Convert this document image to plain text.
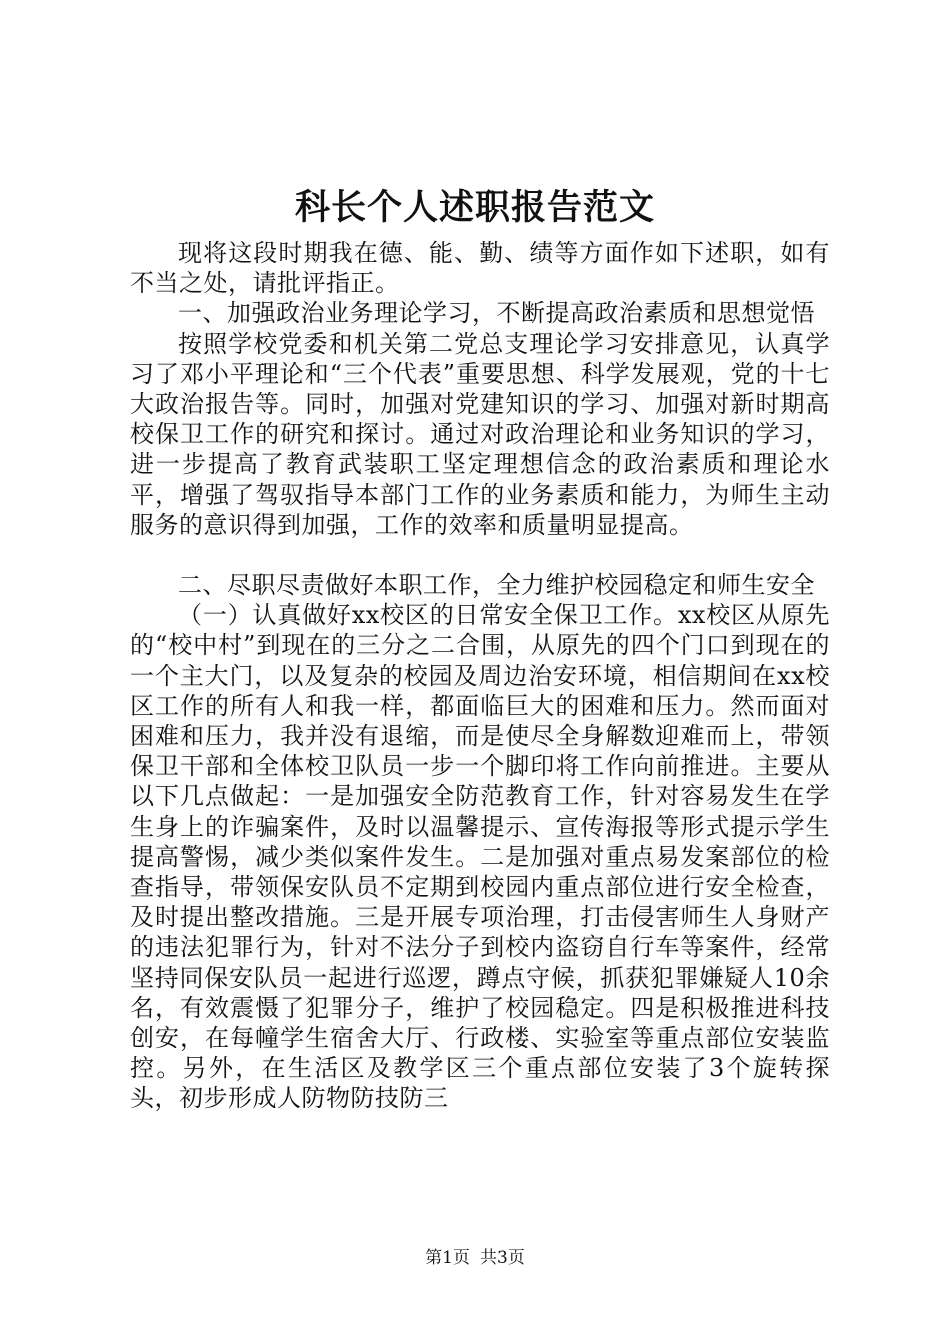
科长个人述职报告范文

现将这段时期我在德、能、勤、绩等方面作如下述职，如有不当之处，请批评指正。

一、加强政治业务理论学习，不断提高政治素质和思想觉悟

按照学校党委和机关第二党总支理论学习安排意见，认真学习了邓小平理论和“三个代表”重要思想、科学发展观，党的十七大政治报告等。同时，加强对党建知识的学习、加强对新时期高校保卫工作的研究和探讨。通过对政治理论和业务知识的学习，进一步提高了教育武装职工坚定理想信念的政治素质和理论水平，增强了驾驭指导本部门工作的业务素质和能力，为师生主动服务的意识得到加强，工作的效率和质量明显提高。

二、尽职尽责做好本职工作，全力维护校园稳定和师生安全

（一）认真做好xx校区的日常安全保卫工作。xx校区从原先的“校中村”到现在的三分之二合围，从原先的四个门口到现在的一个主大门，以及复杂的校园及周边治安环境，相信期间在xx校区工作的所有人和我一样，都面临巨大的困难和压力。然而面对困难和压力，我并没有退缩，而是使尽全身解数迎难而上，带领保卫干部和全体校卫队员一步一个脚印将工作向前推进。主要从以下几点做起：一是加强安全防范教育工作，针对容易发生在学生身上的诈骗案件，及时以温馨提示、宣传海报等形式提示学生提高警惕，减少类似案件发生。二是加强对重点易发案部位的检查指导，带领保安队员不定期到校园内重点部位进行安全检查，及时提出整改措施。三是开展专项治理，打击侵害师生人身财产的违法犯罪行为，针对不法分子到校内盗窃自行车等案件，经常坚持同保安队员一起进行巡逻，蹲点守候，抓获犯罪嫌疑人10余名，有效震慑了犯罪分子，维护了校园稳定。四是积极推进科技创安，在每幢学生宿舍大厅、行政楼、实验室等重点部位安装监控。另外，在生活区及教学区三个重点部位安装了3个旋转探头，初步形成人防物防技防三

第1页 共3页
